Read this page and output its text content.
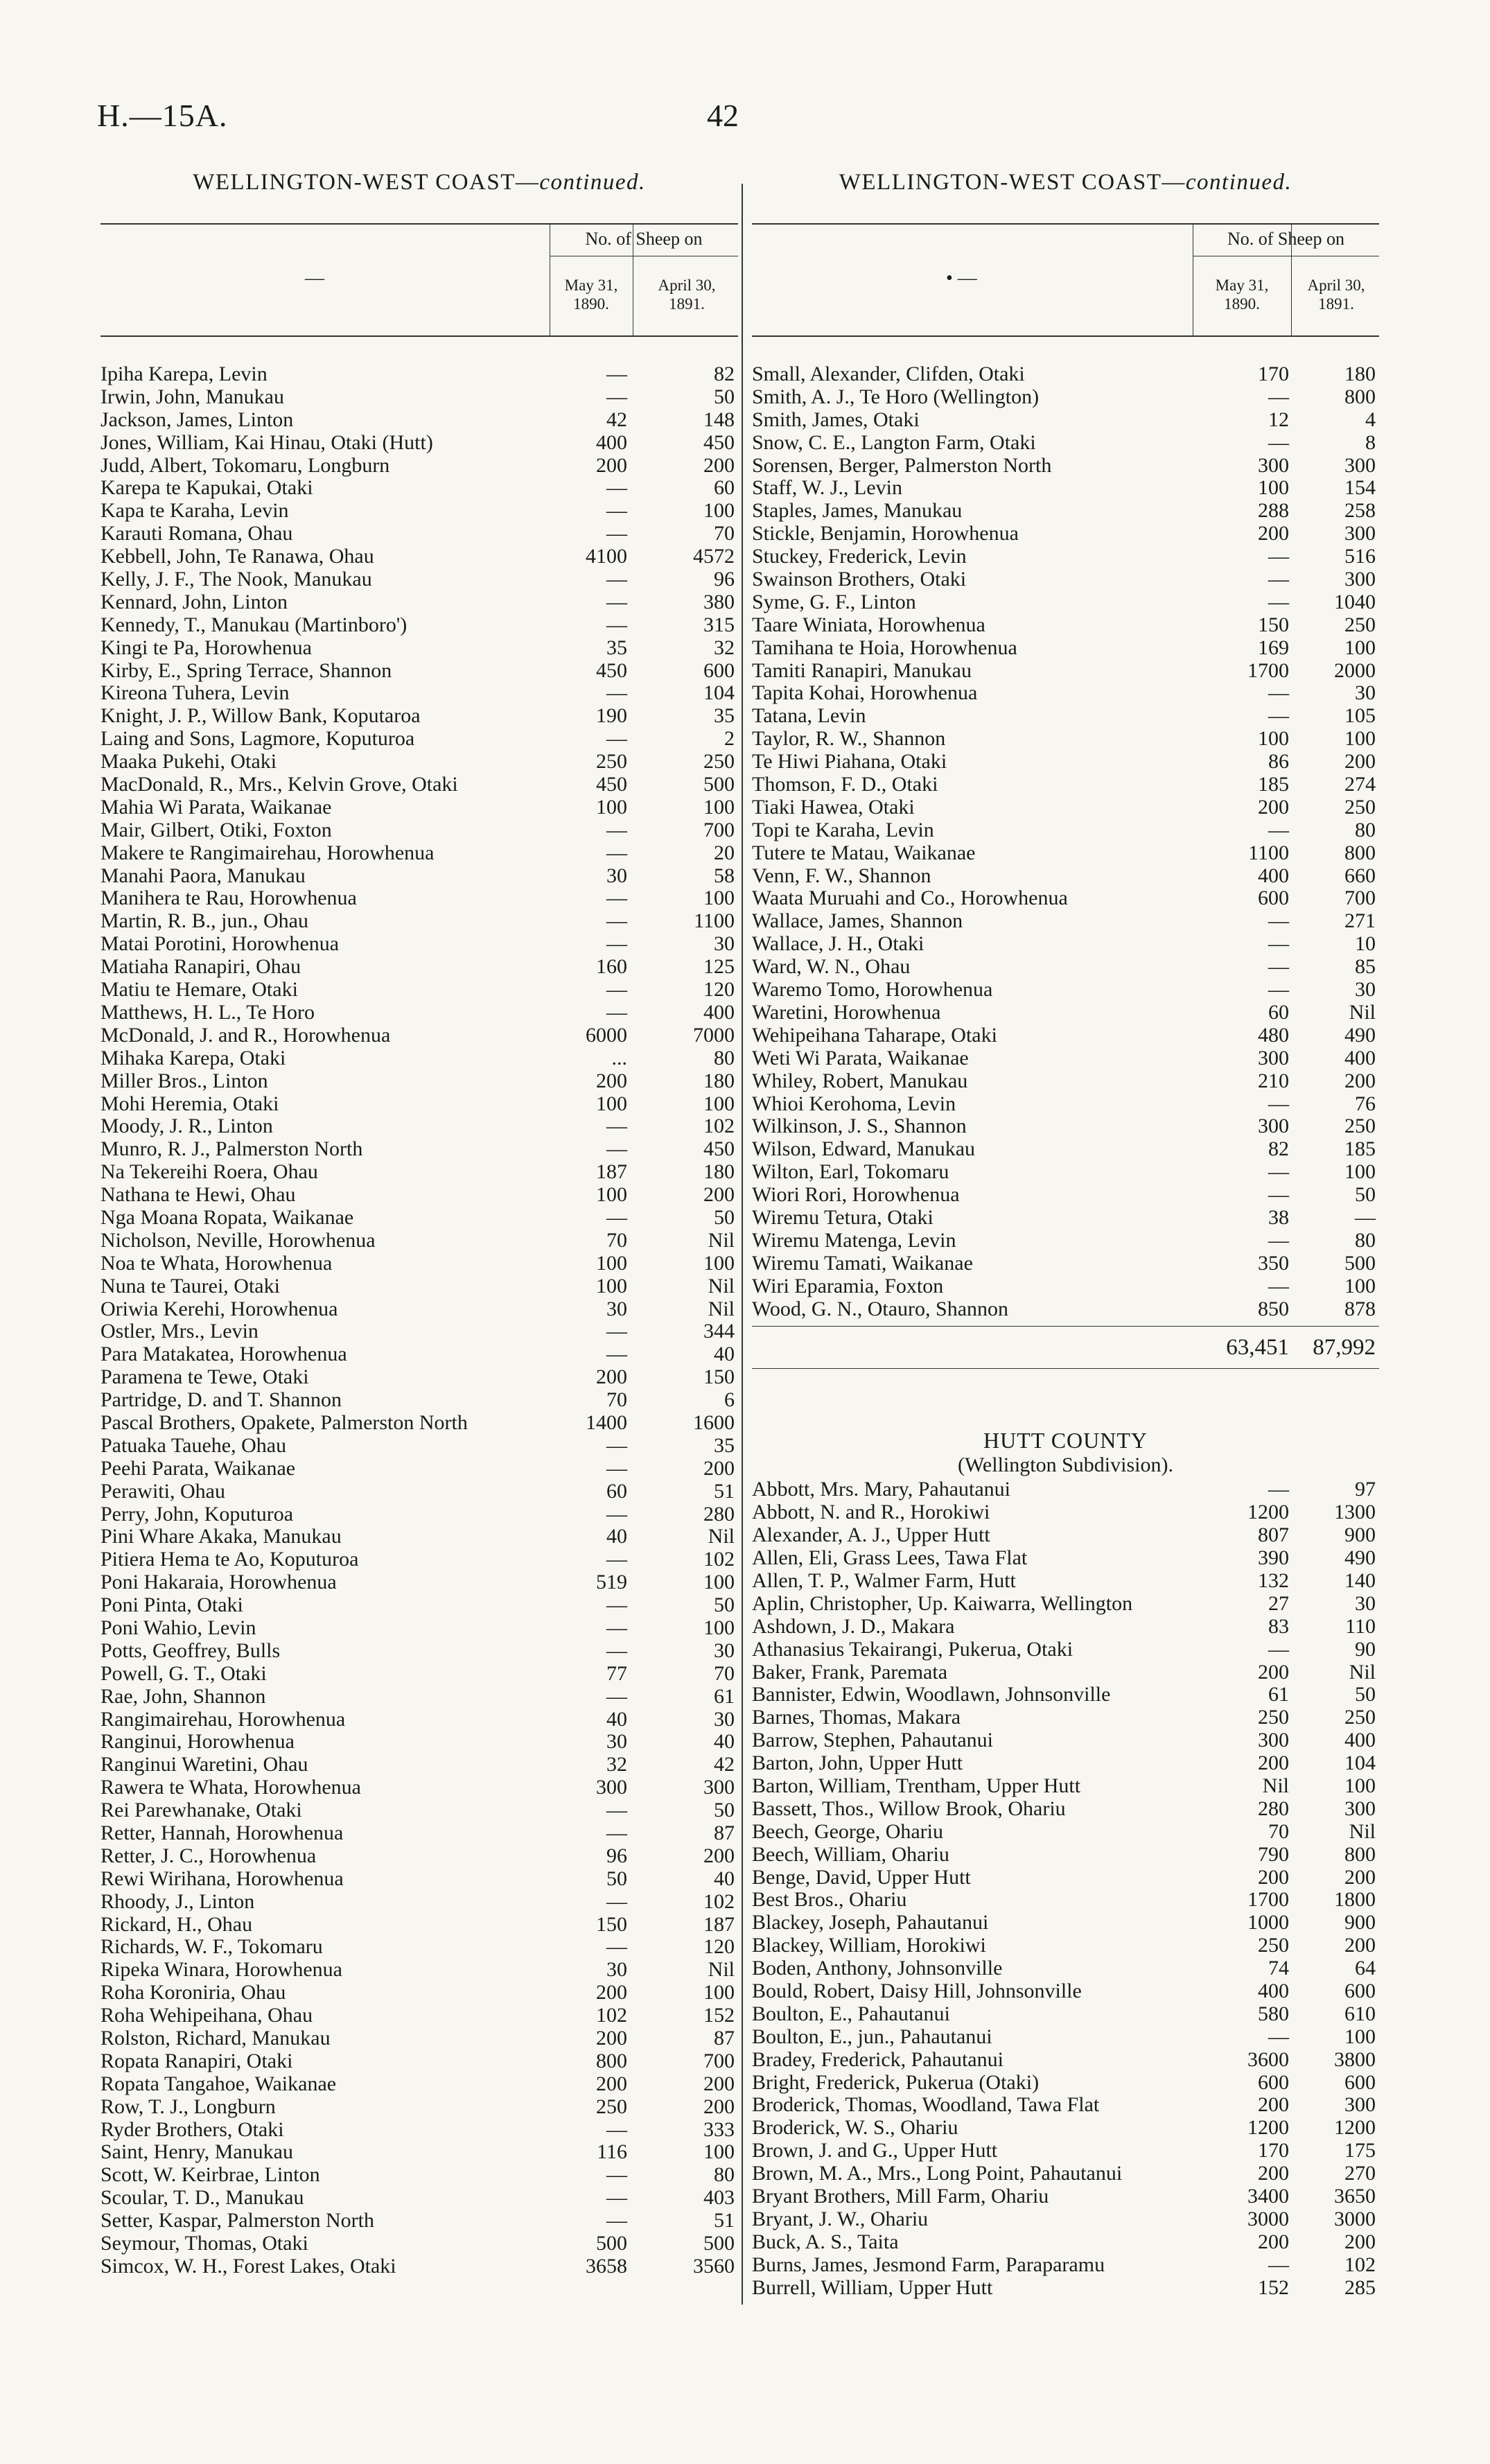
H.—15A.	42
WELLINGTON-WEST COAST—continued.
—
No. of Sheep on
May 31,
1890.
April 30,
1891.
Ipiha Karepa, Levin	—	82
Irwin, John, Manukau	—	50
Jackson, James, Linton	42	148
Jones, William, Kai Hinau, Otaki (Hutt)	400	450
Judd, Albert, Tokomaru, Longburn	200	200
Karepa te Kapukai, Otaki	—	60
Kapa te Karaha, Levin	—	100
Karauti Romana, Ohau	—	70
Kebbell, John, Te Ranawa, Ohau	4100	4572
Kelly, J. F., The Nook, Manukau	—	96
Kennard, John, Linton	—	380
Kennedy, T., Manukau (Martinboro')	—	315
Kingi te Pa, Horowhenua	35	32
Kirby, E., Spring Terrace, Shannon	450	600
Kireona Tuhera, Levin	—	104
Knight, J. P., Willow Bank, Koputaroa	190	35
Laing and Sons, Lagmore, Koputuroa	—	2
Maaka Pukehi, Otaki	250	250
MacDonald, R., Mrs., Kelvin Grove, Otaki	450	500
Mahia Wi Parata, Waikanae	100	100
Mair, Gilbert, Otiki, Foxton	—	700
Makere te Rangimairehau, Horowhenua	—	20
Manahi Paora, Manukau	30	58
Manihera te Rau, Horowhenua	—	100
Martin, R. B., jun., Ohau	—	1100
Matai Porotini, Horowhenua	—	30
Matiaha Ranapiri, Ohau	160	125
Matiu te Hemare, Otaki	—	120
Matthews, H. L., Te Horo	—	400
McDonald, J. and R., Horowhenua	6000	7000
Mihaka Karepa, Otaki	...	80
Miller Bros., Linton	200	180
Mohi Heremia, Otaki	100	100
Moody, J. R., Linton	—	102
Munro, R. J., Palmerston North	—	450
Na Tekereihi Roera, Ohau	187	180
Nathana te Hewi, Ohau	100	200
Nga Moana Ropata, Waikanae	—	50
Nicholson, Neville, Horowhenua	70	Nil
Noa te Whata, Horowhenua	100	100
Nuna te Taurei, Otaki	100	Nil
Oriwia Kerehi, Horowhenua	30	Nil
Ostler, Mrs., Levin	—	344
Para Matakatea, Horowhenua	—	40
Paramena te Tewe, Otaki	200	150
Partridge, D. and T. Shannon	70	6
Pascal Brothers, Opakete, Palmerston North	1400	1600
Patuaka Tauehe, Ohau	—	35
Peehi Parata, Waikanae	—	200
Perawiti, Ohau	60	51
Perry, John, Koputuroa	—	280
Pini Whare Akaka, Manukau	40	Nil
Pitiera Hema te Ao, Koputuroa	—	102
Poni Hakaraia, Horowhenua	519	100
Poni Pinta, Otaki	—	50
Poni Wahio, Levin	—	100
Potts, Geoffrey, Bulls	—	30
Powell, G. T., Otaki	77	70
Rae, John, Shannon	—	61
Rangimairehau, Horowhenua	40	30
Ranginui, Horowhenua	30	40
Ranginui Waretini, Ohau	32	42
Rawera te Whata, Horowhenua	300	300
Rei Parewhanake, Otaki	—	50
Retter, Hannah, Horowhenua	—	87
Retter, J. C., Horowhenua	96	200
Rewi Wirihana, Horowhenua	50	40
Rhoody, J., Linton	—	102
Rickard, H., Ohau	150	187
Richards, W. F., Tokomaru	—	120
Ripeka Winara, Horowhenua	30	Nil
Roha Koroniria, Ohau	200	100
Roha Wehipeihana, Ohau	102	152
Rolston, Richard, Manukau	200	87
Ropata Ranapiri, Otaki	800	700
Ropata Tangahoe, Waikanae	200	200
Row, T. J., Longburn	250	200
Ryder Brothers, Otaki	—	333
Saint, Henry, Manukau	116	100
Scott, W. Keirbrae, Linton	—	80
Scoular, T. D., Manukau	—	403
Setter, Kaspar, Palmerston North	—	51
Seymour, Thomas, Otaki	500	500
Simcox, W. H., Forest Lakes, Otaki	3658	3560
WELLINGTON-WEST COAST—continued.
• —
No. of Sheep on
May 31,
1890.
April 30,
1891.
Small, Alexander, Clifden, Otaki	170	180
Smith, A. J., Te Horo (Wellington)	—	800
Smith, James, Otaki	12	4
Snow, C. E., Langton Farm, Otaki	—	8
Sorensen, Berger, Palmerston North	300	300
Staff, W. J., Levin	100	154
Staples, James, Manukau	288	258
Stickle, Benjamin, Horowhenua	200	300
Stuckey, Frederick, Levin	—	516
Swainson Brothers, Otaki	—	300
Syme, G. F., Linton	—	1040
Taare Winiata, Horowhenua	150	250
Tamihana te Hoia, Horowhenua	169	100
Tamiti Ranapiri, Manukau	1700	2000
Tapita Kohai, Horowhenua	—	30
Tatana, Levin	—	105
Taylor, R. W., Shannon	100	100
Te Hiwi Piahana, Otaki	86	200
Thomson, F. D., Otaki	185	274
Tiaki Hawea, Otaki	200	250
Topi te Karaha, Levin	—	80
Tutere te Matau, Waikanae	1100	800
Venn, F. W., Shannon	400	660
Waata Muruahi and Co., Horowhenua	600	700
Wallace, James, Shannon	—	271
Wallace, J. H., Otaki	—	10
Ward, W. N., Ohau	—	85
Waremo Tomo, Horowhenua	—	30
Waretini, Horowhenua	60	Nil
Wehipeihana Taharape, Otaki	480	490
Weti Wi Parata, Waikanae	300	400
Whiley, Robert, Manukau	210	200
Whioi Kerohoma, Levin	—	76
Wilkinson, J. S., Shannon	300	250
Wilson, Edward, Manukau	82	185
Wilton, Earl, Tokomaru	—	100
Wiori Rori, Horowhenua	—	50
Wiremu Tetura, Otaki	38	—
Wiremu Matenga, Levin	—	80
Wiremu Tamati, Waikanae	350	500
Wiri Eparamia, Foxton	—	100
Wood, G. N., Otauro, Shannon	850	878
63,451	87,992
HUTT COUNTY
(Wellington Subdivision).
Abbott, Mrs. Mary, Pahautanui	—	97
Abbott, N. and R., Horokiwi	1200	1300
Alexander, A. J., Upper Hutt	807	900
Allen, Eli, Grass Lees, Tawa Flat	390	490
Allen, T. P., Walmer Farm, Hutt	132	140
Aplin, Christopher, Up. Kaiwarra, Wellington	27	30
Ashdown, J. D., Makara	83	110
Athanasius Tekairangi, Pukerua, Otaki	—	90
Baker, Frank, Paremata	200	Nil
Bannister, Edwin, Woodlawn, Johnsonville	61	50
Barnes, Thomas, Makara	250	250
Barrow, Stephen, Pahautanui	300	400
Barton, John, Upper Hutt	200	104
Barton, William, Trentham, Upper Hutt	Nil	100
Bassett, Thos., Willow Brook, Ohariu	280	300
Beech, George, Ohariu	70	Nil
Beech, William, Ohariu	790	800
Benge, David, Upper Hutt	200	200
Best Bros., Ohariu	1700	1800
Blackey, Joseph, Pahautanui	1000	900
Blackey, William, Horokiwi	250	200
Boden, Anthony, Johnsonville	74	64
Bould, Robert, Daisy Hill, Johnsonville	400	600
Boulton, E., Pahautanui	580	610
Boulton, E., jun., Pahautanui	—	100
Bradey, Frederick, Pahautanui	3600	3800
Bright, Frederick, Pukerua (Otaki)	600	600
Broderick, Thomas, Woodland, Tawa Flat	200	300
Broderick, W. S., Ohariu	1200	1200
Brown, J. and G., Upper Hutt	170	175
Brown, M. A., Mrs., Long Point, Pahautanui	200	270
Bryant Brothers, Mill Farm, Ohariu	3400	3650
Bryant, J. W., Ohariu	3000	3000
Buck, A. S., Taita	200	200
Burns, James, Jesmond Farm, Paraparamu	—	102
Burrell, William, Upper Hutt	152	285
